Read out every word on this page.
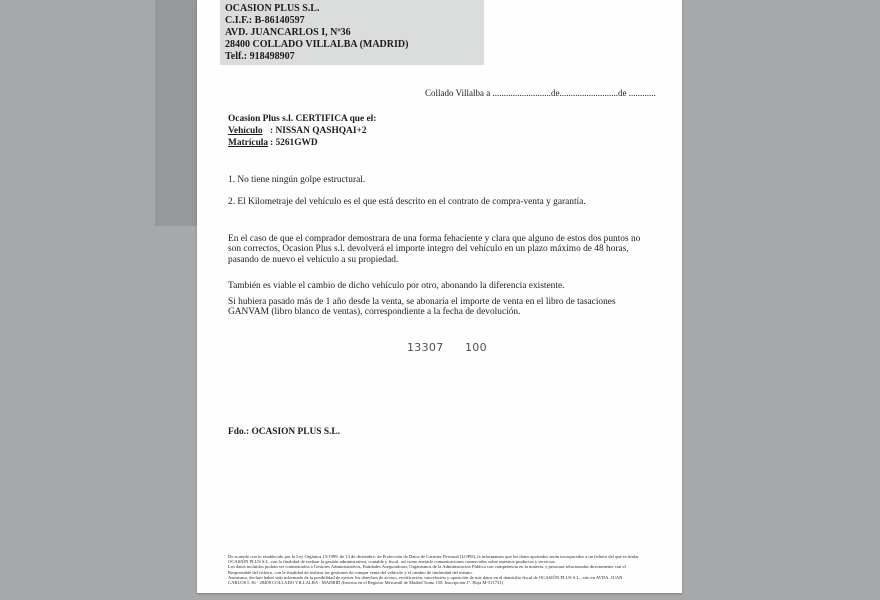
OCASION PLUS S.L.
C.I.F.: B-86140597
AVD. JUANCARLOS I, Nº36
28400 COLLADO VILLALBA (MADRID)
Telf.: 918498907
Collado Villalba a ..........................de..........................de ............
Ocasion Plus s.l. CERTIFICA que el:
Vehículo : NISSAN QASHQAI+2
Matrícula : 5261GWD
1. No tiene ningún golpe estructural.
2. El Kilometraje del vehículo es el que está descrito en el contrato de compra-venta y garantía.
En el caso de que el comprador demostrara de una forma fehaciente y clara que alguno de estos dos puntos no
son correctos, Ocasion Plus s.l. devolverá el importe íntegro del vehículo en un plazo máximo de 48 horas,
pasando de nuevo el vehículo a su propiedad.
También es viable el cambio de dicho vehículo por otro, abonando la diferencia existente.
Si hubiera pasado más de 1 año desde la venta, se abonaría el importe de venta en el libro de tasaciones
GANVAM (libro blanco de ventas), correspondiente a la fecha de devolución.
13307 100
Fdo.: OCASION PLUS S.L.
De acuerdo con lo establecido por la Ley Orgánica 15/1999, de 13 de diciembre, de Protección de Datos de Carácter Personal (LOPD), le informamos que los datos aportados serán incorporados a un fichero del que es titular
OCASIÓN PLUS S.L. con la finalidad de realizar la gestión administrativa, contable y fiscal, así como enviarle comunicaciones comerciales sobre nuestros productos y servicios.
Los datos incluidos podrán ser comunicados a Gestores Administrativos, Entidades Aseguradoras, Organismos de la Administración Pública con competencia en la materia, y personas relacionadas directamente con el
Responsable del fichero, con la finalidad de realizar las gestiones de compra venta del vehículo y el cambio de titularidad del mismo.
Asimismo, declaro haber sido informado de la posibilidad de ejercer los derechos de acceso, rectificación, cancelación y oposición de mis datos en el domicilio fiscal de OCASIÓN PLUS S.L., sito en AVDA. JUAN
CARLOS I, 36 - 28400 COLLADO VILLALBA - MADRID (Inscrita en el Registro Mercantil de Madrid Tomo 150, Inscripción 1ª, Hoja M-511731)
